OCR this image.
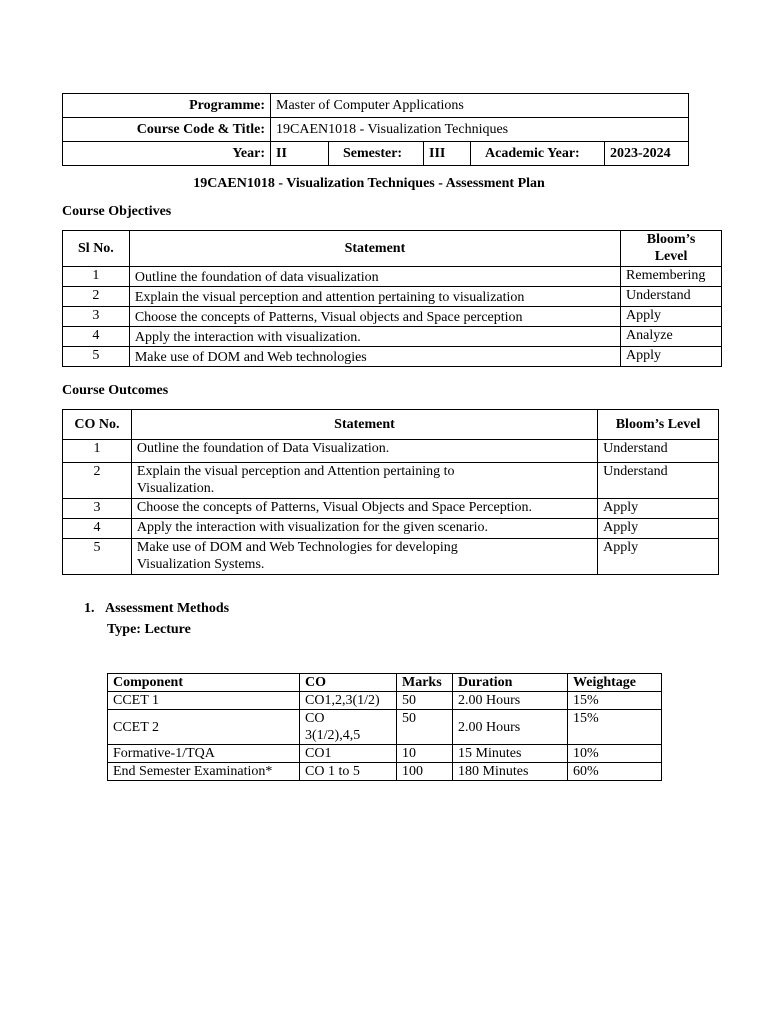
Programme:	Master of Computer Applications				
Course Code & Title:	19CAEN1018 - Visualization Techniques				
Year:	II	Semester:	III	Academic Year:	2023-2024
19CAEN1018 - Visualization Techniques - Assessment Plan
Course Objectives
Sl No.	Statement	Bloom’s
Level
1	Outline the foundation of data visualization	Remembering
2	Explain the visual perception and attention pertaining to visualization	Understand
3	Choose the concepts of Patterns, Visual objects and Space perception	Apply
4	Apply the interaction with visualization.	Analyze
5	Make use of DOM and Web technologies	Apply
Course Outcomes
CO No.	Statement	Bloom’s Level
1	Outline the foundation of Data Visualization.	Understand
2	Explain the visual perception and Attention pertaining to
Visualization.	Understand
3	Choose the concepts of Patterns, Visual Objects and Space Perception.	Apply
4	Apply the interaction with visualization for the given scenario.	Apply
5	Make use of DOM and Web Technologies for developing
Visualization Systems.	Apply
1.   Assessment Methods
Type: Lecture
Component	CO	Marks	Duration	Weightage
CCET 1	CO1,2,3(1/2)	50	2.00 Hours	15%
CCET 2	CO
3(1/2),4,5	50	2.00 Hours	15%
Formative-1/TQA	CO1	10	15 Minutes	10%
End Semester Examination*	CO 1 to 5	100	180 Minutes	60%
